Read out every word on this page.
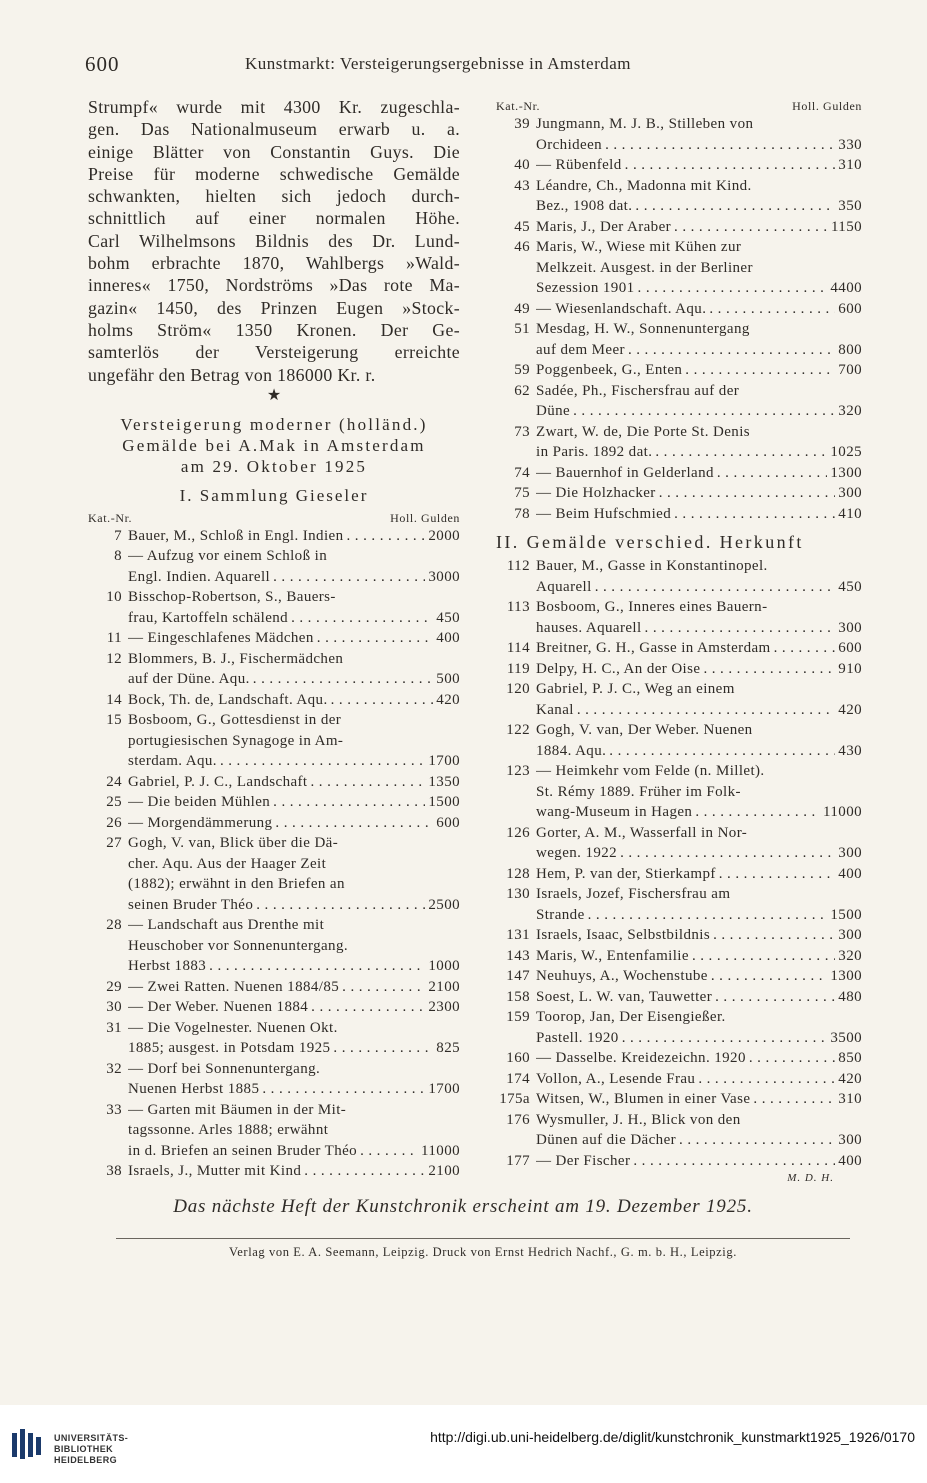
600	Kunstmarkt: Versteigerungsergebnisse in Amsterdam

Strumpf« wurde mit 4300 Kr. zugeschla-

gen. Das Nationalmuseum erwarb u. a.

einige Blätter von Constantin Guys. Die

Preise für moderne schwedische Gemälde

schwankten, hielten sich jedoch durch-

schnittlich auf einer normalen Höhe.

Carl Wilhelmsons Bildnis des Dr. Lund-

bohm erbrachte 1870, Wahlbergs »Wald-

inneres« 1750, Nordströms »Das rote Ma-

gazin« 1450, des Prinzen Eugen »Stock-

holms Ström« 1350 Kronen. Der Ge-

samterlös der Versteigerung erreichte

ungefähr den Betrag von 186000 Kr. r.

★

Versteigerung moderner (holländ.)

Gemälde bei A.Mak in Amsterdam

am 29. Oktober 1925

I. Sammlung Gieseler
Kat.-Nr.	Holl. Gulden
7 Bauer, M., Schloß in Engl. Indien . . .	2000
8 — Aufzug vor einem Schloß in
Engl. Indien. Aquarell . . .	3000
10 Bisschop-Robertson, S., Bauers-
frau, Kartoffeln schälend . . .	450
11 — Eingeschlafenes Mädchen . . .	400
12 Blommers, B. J., Fischermädchen
auf der Düne. Aqu. . . .	500
14 Bock, Th. de, Landschaft. Aqu. . . .	420
15 Bosboom, G., Gottesdienst in der
portugiesischen Synagoge in Am-
sterdam. Aqu. . . .	1700
24 Gabriel, P. J. C., Landschaft . . .	1350
25 — Die beiden Mühlen . . .	1500
26 — Morgendämmerung . . .	600
27 Gogh, V. van, Blick über die Dä-
cher. Aqu. Aus der Haager Zeit
(1882); erwähnt in den Briefen an
seinen Bruder Théo . . .	2500
28 — Landschaft aus Drenthe mit
Heuschober vor Sonnenuntergang.
Herbst 1883 . . .	1000
29 — Zwei Ratten. Nuenen 1884/85 . . .	2100
30 — Der Weber. Nuenen 1884 . . .	2300
31 — Die Vogelnester. Nuenen Okt.
1885; ausgest. in Potsdam 1925 . . .	825
32 — Dorf bei Sonnenuntergang.
Nuenen Herbst 1885 . . .	1700
33 — Garten mit Bäumen in der Mit-
tagssonne. Arles 1888; erwähnt
in d. Briefen an seinen Bruder Théo . . .	11000
38 Israels, J., Mutter mit Kind . . .	2100
Kat.-Nr.	Holl. Gulden
39 Jungmann, M. J. B., Stilleben von
Orchideen . . .	330
40 — Rübenfeld . . .	310
43 Léandre, Ch., Madonna mit Kind.
Bez., 1908 dat. . . .	350
45 Maris, J., Der Araber . . .	1150
46 Maris, W., Wiese mit Kühen zur
Melkzeit. Ausgest. in der Berliner
Sezession 1901 . . .	4400
49 — Wiesenlandschaft. Aqu. . . .	600
51 Mesdag, H. W., Sonnenuntergang
auf dem Meer . . .	800
59 Poggenbeek, G., Enten . . .	700
62 Sadée, Ph., Fischersfrau auf der
Düne . . .	320
73 Zwart, W. de, Die Porte St. Denis
in Paris. 1892 dat. . . .	1025
74 — Bauernhof in Gelderland . . .	1300
75 — Die Holzhacker . . .	300
78 — Beim Hufschmied . . .	410
II. Gemälde verschied. Herkunft
112 Bauer, M., Gasse in Konstantinopel.
Aquarell . . .	450
113 Bosboom, G., Inneres eines Bauern-
hauses. Aquarell . . .	300
114 Breitner, G. H., Gasse in Amsterdam . . .	600
119 Delpy, H. C., An der Oise . . .	910
120 Gabriel, P. J. C., Weg an einem
Kanal . . .	420
122 Gogh, V. van, Der Weber. Nuenen
1884. Aqu. . . .	430
123 — Heimkehr vom Felde (n. Millet).
St. Rémy 1889. Früher im Folk-
wang-Museum in Hagen . . .	11000
126 Gorter, A. M., Wasserfall in Nor-
wegen. 1922 . . .	300
128 Hem, P. van der, Stierkampf . . .	400
130 Israels, Jozef, Fischersfrau am
Strande . . .	1500
131 Israels, Isaac, Selbstbildnis . . .	300
143 Maris, W., Entenfamilie . . .	320
147 Neuhuys, A., Wochenstube . . .	1300
158 Soest, L. W. van, Tauwetter . . .	480
159 Toorop, Jan, Der Eisengießer.
Pastell. 1920 . . .	3500
160 — Dasselbe. Kreidezeichn. 1920 . . .	850
174 Vollon, A., Lesende Frau . . .	420
175a Witsen, W., Blumen in einer Vase . . .	310
176 Wysmuller, J. H., Blick von den
Dünen auf die Dächer . . .	300
177 — Der Fischer . . .	400
M. D. H.
Das nächste Heft der Kunstchronik erscheint am 19. Dezember 1925.
Verlag von E. A. Seemann, Leipzig. Druck von Ernst Hedrich Nachf., G. m. b. H., Leipzig.
UNIVERSITÄTS-
BIBLIOTHEK
HEIDELBERG
http://digi.ub.uni-heidelberg.de/diglit/kunstchronik_kunstmarkt1925_1926/0170
